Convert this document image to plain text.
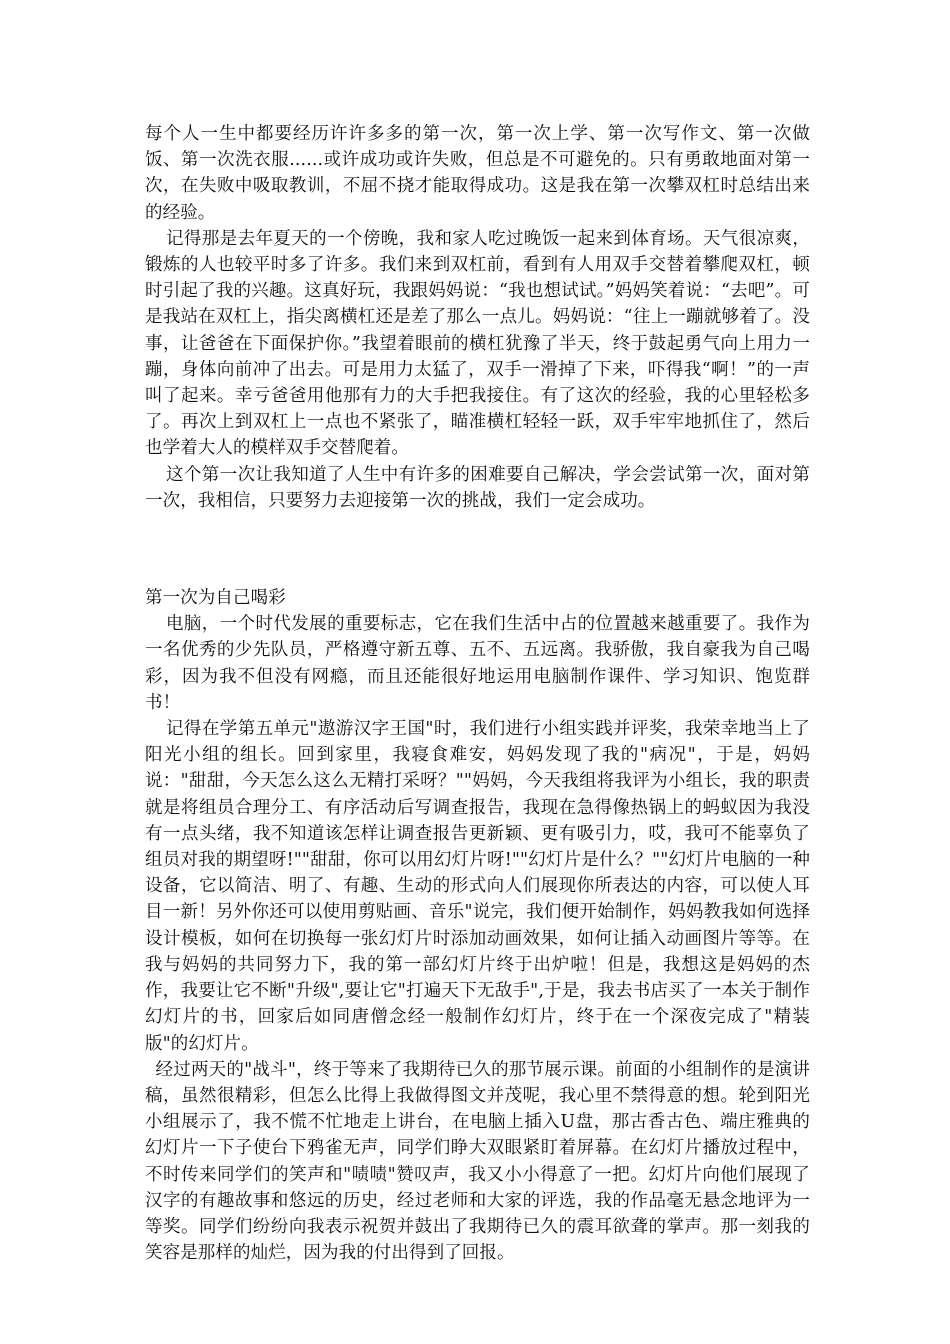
每个人一生中都要经历许许多多的第一次，第一次上学、第一次写作文、第一次做饭、第一次洗衣服......或许成功或许失败，但总是不可避免的。只有勇敢地面对第一次，在失败中吸取教训，不屈不挠才能取得成功。这是我在第一次攀双杠时总结出来的经验。

记得那是去年夏天的一个傍晚，我和家人吃过晚饭一起来到体育场。天气很凉爽，锻炼的人也较平时多了许多。我们来到双杠前，看到有人用双手交替着攀爬双杠，顿时引起了我的兴趣。这真好玩，我跟妈妈说：“我也想试试。”妈妈笑着说：“去吧”。可是我站在双杠上，指尖离横杠还是差了那么一点儿。妈妈说：“往上一蹦就够着了。没事，让爸爸在下面保护你。”我望着眼前的横杠犹豫了半天，终于鼓起勇气向上用力一蹦，身体向前冲了出去。可是用力太猛了，双手一滑掉了下来，吓得我“啊！”的一声叫了起来。幸亏爸爸用他那有力的大手把我接住。有了这次的经验，我的心里轻松多了。再次上到双杠上一点也不紧张了，瞄准横杠轻轻一跃，双手牢牢地抓住了，然后也学着大人的模样双手交替爬着。

这个第一次让我知道了人生中有许多的困难要自己解决，学会尝试第一次，面对第一次，我相信，只要努力去迎接第一次的挑战，我们一定会成功。

第一次为自己喝彩

电脑，一个时代发展的重要标志，它在我们生活中占的位置越来越重要了。我作为一名优秀的少先队员，严格遵守新五尊、五不、五远离。我骄傲，我自豪我为自己喝彩，因为我不但没有网瘾，而且还能很好地运用电脑制作课件、学习知识、饱览群书！

记得在学第五单元"遨游汉字王国"时，我们进行小组实践并评奖，我荣幸地当上了阳光小组的组长。回到家里，我寝食难安，妈妈发现了我的"病况"，于是，妈妈说："甜甜，今天怎么这么无精打采呀？""妈妈，今天我组将我评为小组长，我的职责就是将组员合理分工、有序活动后写调查报告，我现在急得像热锅上的蚂蚁因为我没有一点头绪，我不知道该怎样让调查报告更新颖、更有吸引力，哎，我可不能辜负了组员对我的期望呀!""甜甜，你可以用幻灯片呀!""幻灯片是什么？""幻灯片电脑的一种设备，它以简洁、明了、有趣、生动的形式向人们展现你所表达的内容，可以使人耳目一新！另外你还可以使用剪贴画、音乐"说完，我们便开始制作，妈妈教我如何选择设计模板，如何在切换每一张幻灯片时添加动画效果，如何让插入动画图片等等。在我与妈妈的共同努力下，我的第一部幻灯片终于出炉啦！但是，我想这是妈妈的杰作，我要让它不断"升级",要让它"打遍天下无敌手",于是，我去书店买了一本关于制作幻灯片的书，回家后如同唐僧念经一般制作幻灯片，终于在一个深夜完成了"精装版"的幻灯片。

经过两天的"战斗"，终于等来了我期待已久的那节展示课。前面的小组制作的是演讲稿，虽然很精彩，但怎么比得上我做得图文并茂呢，我心里不禁得意的想。轮到阳光小组展示了，我不慌不忙地走上讲台，在电脑上插入U盘，那古香古色、端庄雅典的幻灯片一下子使台下鸦雀无声，同学们睁大双眼紧盯着屏幕。在幻灯片播放过程中，不时传来同学们的笑声和"啧啧"赞叹声，我又小小得意了一把。幻灯片向他们展现了汉字的有趣故事和悠远的历史，经过老师和大家的评选，我的作品毫无悬念地评为一等奖。同学们纷纷向我表示祝贺并鼓出了我期待已久的震耳欲聋的掌声。那一刻我的笑容是那样的灿烂，因为我的付出得到了回报。
